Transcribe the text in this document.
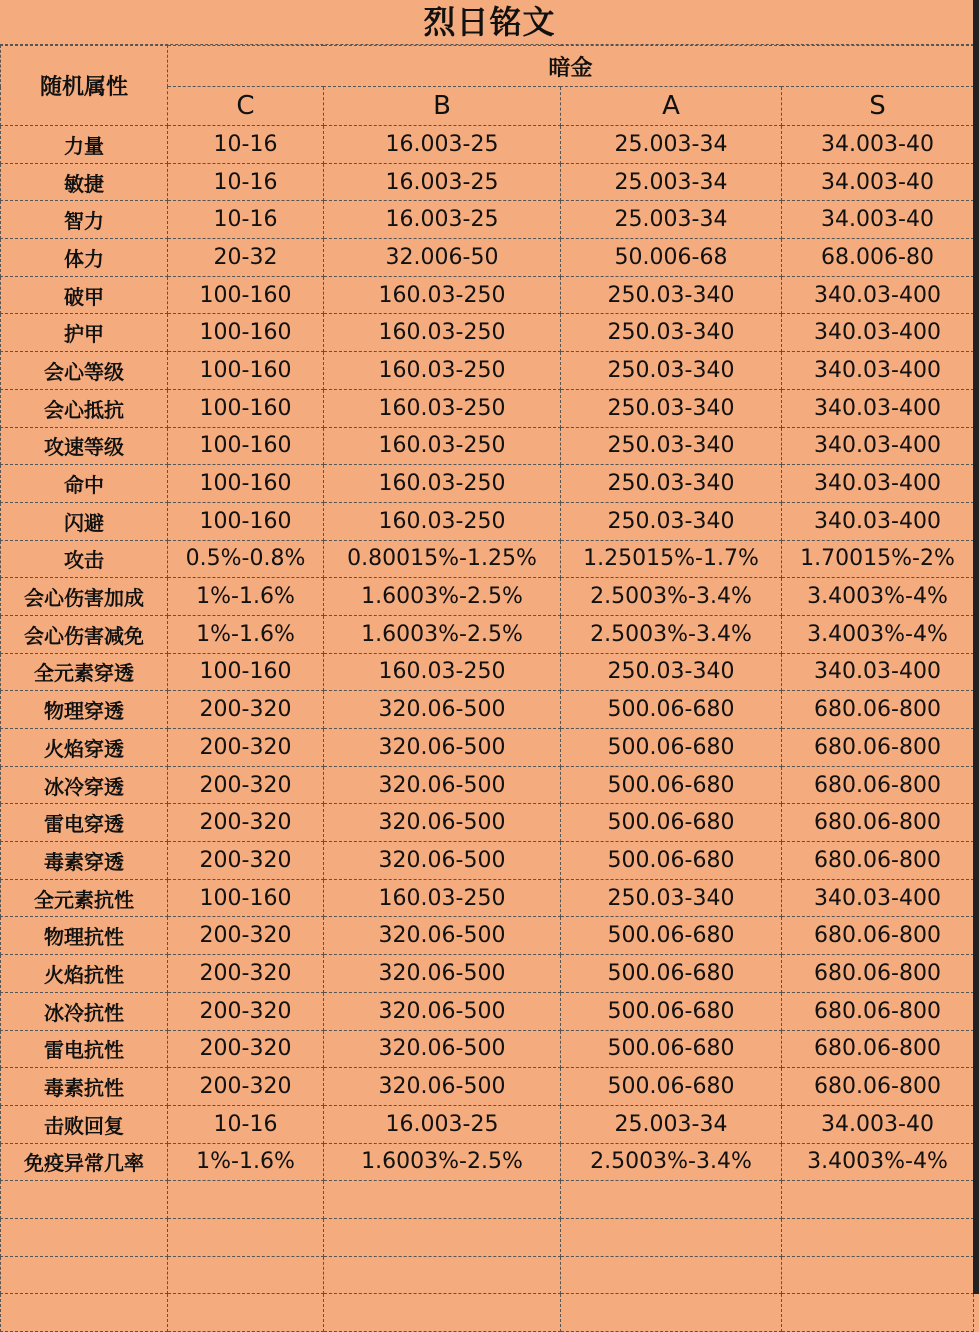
烈日铭文
随机属性	暗金			
	C	B	A	S
力量	10-16	16.003-25	25.003-34	34.003-40
敏捷	10-16	16.003-25	25.003-34	34.003-40
智力	10-16	16.003-25	25.003-34	34.003-40
体力	20-32	32.006-50	50.006-68	68.006-80
破甲	100-160	160.03-250	250.03-340	340.03-400
护甲	100-160	160.03-250	250.03-340	340.03-400
会心等级	100-160	160.03-250	250.03-340	340.03-400
会心抵抗	100-160	160.03-250	250.03-340	340.03-400
攻速等级	100-160	160.03-250	250.03-340	340.03-400
命中	100-160	160.03-250	250.03-340	340.03-400
闪避	100-160	160.03-250	250.03-340	340.03-400
攻击	0.5%-0.8%	0.80015%-1.25%	1.25015%-1.7%	1.70015%-2%
会心伤害加成	1%-1.6%	1.6003%-2.5%	2.5003%-3.4%	3.4003%-4%
会心伤害减免	1%-1.6%	1.6003%-2.5%	2.5003%-3.4%	3.4003%-4%
全元素穿透	100-160	160.03-250	250.03-340	340.03-400
物理穿透	200-320	320.06-500	500.06-680	680.06-800
火焰穿透	200-320	320.06-500	500.06-680	680.06-800
冰冷穿透	200-320	320.06-500	500.06-680	680.06-800
雷电穿透	200-320	320.06-500	500.06-680	680.06-800
毒素穿透	200-320	320.06-500	500.06-680	680.06-800
全元素抗性	100-160	160.03-250	250.03-340	340.03-400
物理抗性	200-320	320.06-500	500.06-680	680.06-800
火焰抗性	200-320	320.06-500	500.06-680	680.06-800
冰冷抗性	200-320	320.06-500	500.06-680	680.06-800
雷电抗性	200-320	320.06-500	500.06-680	680.06-800
毒素抗性	200-320	320.06-500	500.06-680	680.06-800
击败回复	10-16	16.003-25	25.003-34	34.003-40
免疫异常几率	1%-1.6%	1.6003%-2.5%	2.5003%-3.4%	3.4003%-4%
